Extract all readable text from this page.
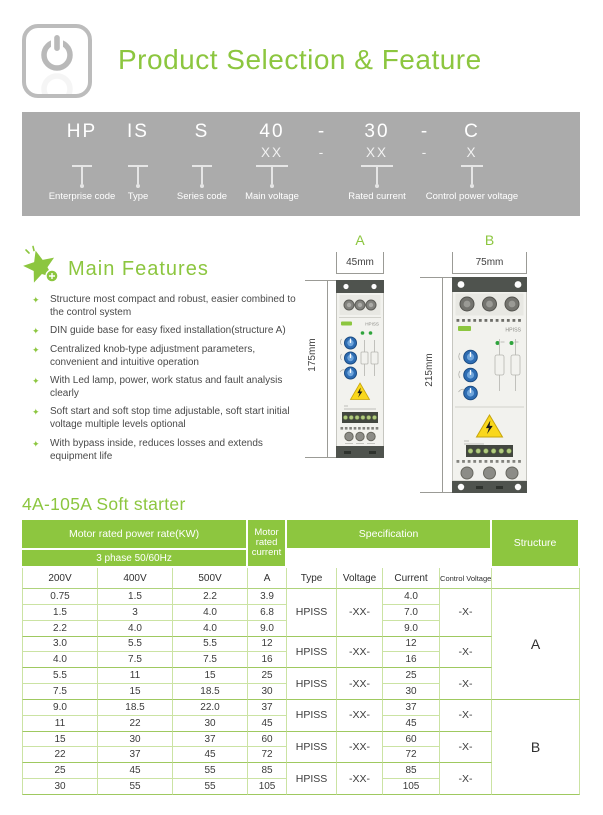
Product Selection & Feature
HP	IS	S	40	-	30	-	C
XX	-	XX	-	X
Enterprise code	Type	Series code	Main voltage	Rated current	Control power voltage
Main Features
✦ Structure most compact and robust, easier combined to the control system
✦ DIN guide base for easy fixed installation(structure A)
✦ Centralized knob-type adjustment parameters, convenient and intuitive operation
✦ With Led lamp, power, work status and fault analysis clearly
✦ Soft start and soft stop time adjustable, soft start initial voltage multiple levels optional
✦ With bypass inside, reduces losses and extends equipment life
A
45mm
175mm
HPISS
B
75mm
215mm
HPISS
4A-105A Soft starter
Motor rated power rate(KW)			Motor rated current	Specification				Structure
3 phase 50/60Hz								
200V	400V	500V	A	Type	Voltage	Current	Control Voltage	
0.75	1.5	2.2	3.9	HPISS	-XX-	4.0	-X-	A
1.5	3	4.0	6.8			7.0		
2.2	4.0	4.0	9.0			9.0		
3.0	5.5	5.5	12	HPISS	-XX-	12	-X-	
4.0	7.5	7.5	16			16		
5.5	11	15	25	HPISS	-XX-	25	-X-	
7.5	15	18.5	30			30		
9.0	18.5	22.0	37	HPISS	-XX-	37	-X-	B
11	22	30	45			45		
15	30	37	60	HPISS	-XX-	60	-X-	
22	37	45	72			72		
25	45	55	85	HPISS	-XX-	85	-X-	
30	55	55	105			105		
